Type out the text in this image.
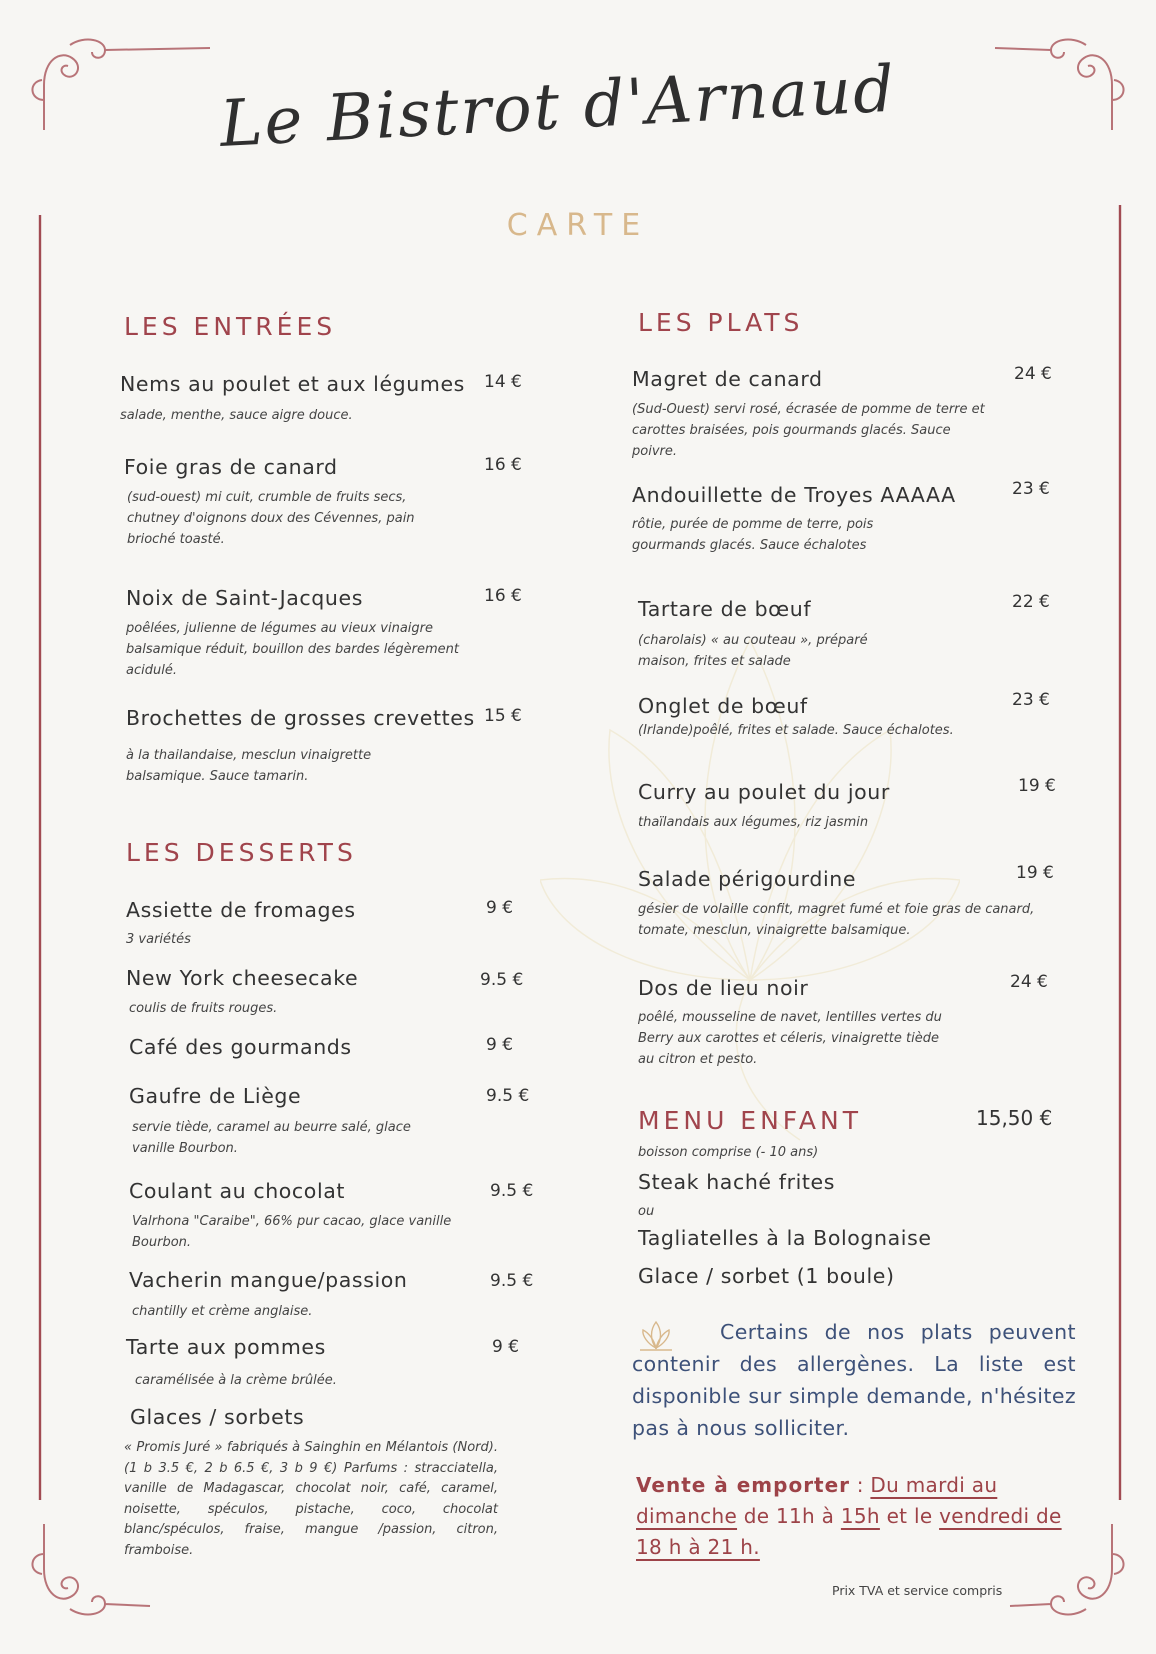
Le Bistrot d'Arnaud
CARTE
LES ENTRÉES
Nems au poulet et aux légumes 14 €
salade, menthe, sauce aigre douce.
Foie gras de canard	16 €
(sud-ouest) mi cuit, crumble de fruits secs, chutney d'oignons doux des Cévennes, pain brioché toasté.
Noix de Saint-Jacques	16 €
poêlées, julienne de légumes au vieux vinaigre balsamique réduit, bouillon des bardes légèrement acidulé.
Brochettes de grosses crevettes 15 €
à la thailandaise, mesclun vinaigrette balsamique. Sauce tamarin.
LES DESSERTS
Assiette de fromages	9 €
3 variétés
New York cheesecake	9.5 €
coulis de fruits rouges.
Café des gourmands	9 €
Gaufre de Liège	9.5 €
servie tiède, caramel au beurre salé, glace vanille Bourbon.
Coulant au chocolat	9.5 €
Valrhona "Caraibe", 66% pur cacao, glace vanille Bourbon.
Vacherin mangue/passion	9.5 €
chantilly et crème anglaise.
Tarte aux pommes	9 €
caramélisée à la crème brûlée.
Glaces / sorbets
« Promis Juré » fabriqués à Sainghin en Mélantois (Nord). (1 b 3.5 €, 2 b 6.5 €, 3 b 9 €) Parfums : stracciatella, vanille de Madagascar, chocolat noir, café, caramel, noisette, spéculos, pistache, coco, chocolat blanc/spéculos, fraise, mangue /passion, citron, framboise.
LES PLATS
Magret de canard	24 €
(Sud-Ouest) servi rosé, écrasée de pomme de terre et carottes braisées, pois gourmands glacés. Sauce poivre.
Andouillette de Troyes AAAAA	23 €
rôtie, purée de pomme de terre, pois gourmands glacés. Sauce échalotes
Tartare de bœuf	22 €
(charolais) « au couteau », préparé maison, frites et salade
Onglet de bœuf	23 €
(Irlande)poêlé, frites et salade. Sauce échalotes.
Curry au poulet du jour	19 €
thaïlandais aux légumes, riz jasmin
Salade périgourdine	19 €
gésier de volaille confit, magret fumé et foie gras de canard, tomate, mesclun, vinaigrette balsamique.
Dos de lieu noir	24 €
poêlé, mousseline de navet, lentilles vertes du Berry aux carottes et céleris, vinaigrette tiède au citron et pesto.
MENU ENFANT	15,50 €
boisson comprise (- 10 ans)
Steak haché frites
ou
Tagliatelles à la Bolognaise
Glace / sorbet (1 boule)
Certains de nos plats peuvent contenir des allergènes. La liste est disponible sur simple demande, n'hésitez pas à nous solliciter.
Vente à emporter : Du mardi au dimanche de 11h à 15h et le vendredi de 18 h à 21 h.
Prix TVA et service compris
